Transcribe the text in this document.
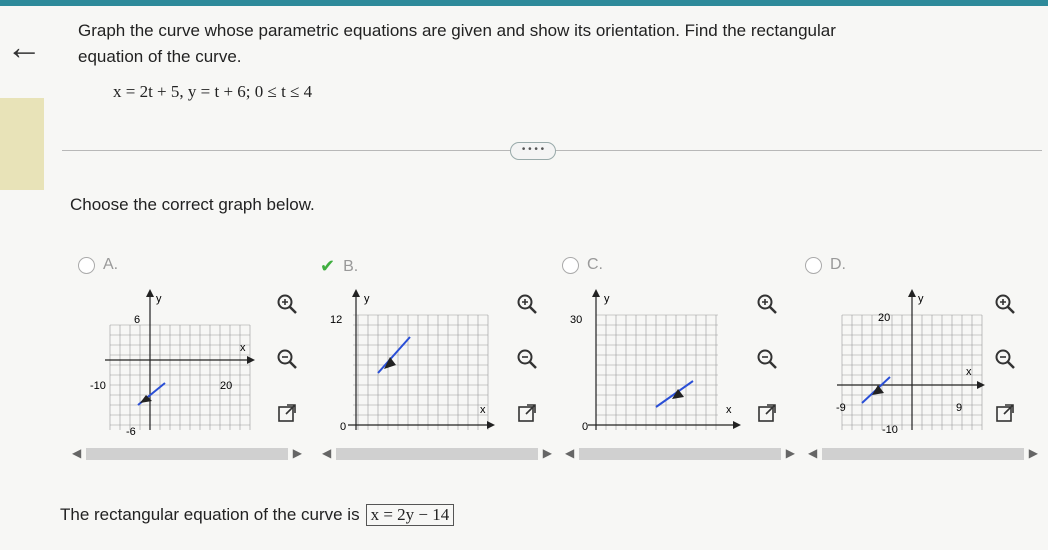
← Graph the curve whose parametric equations are given and show its orientation. Find the rectangular
equation of the curve.
x = 2t + 5, y = t + 6; 0 ≤ t ≤ 4
• • • •
Choose the correct graph below.
A.	✔ B.	C.	D.
y
x
6
-10	20
-6
y
x
12
0
y
x
30
0
y
x
20
-9	9
-10
◀	▶ ◀	▶ ◀	▶ ◀	▶
The rectangular equation of the curve is x = 2y − 14
